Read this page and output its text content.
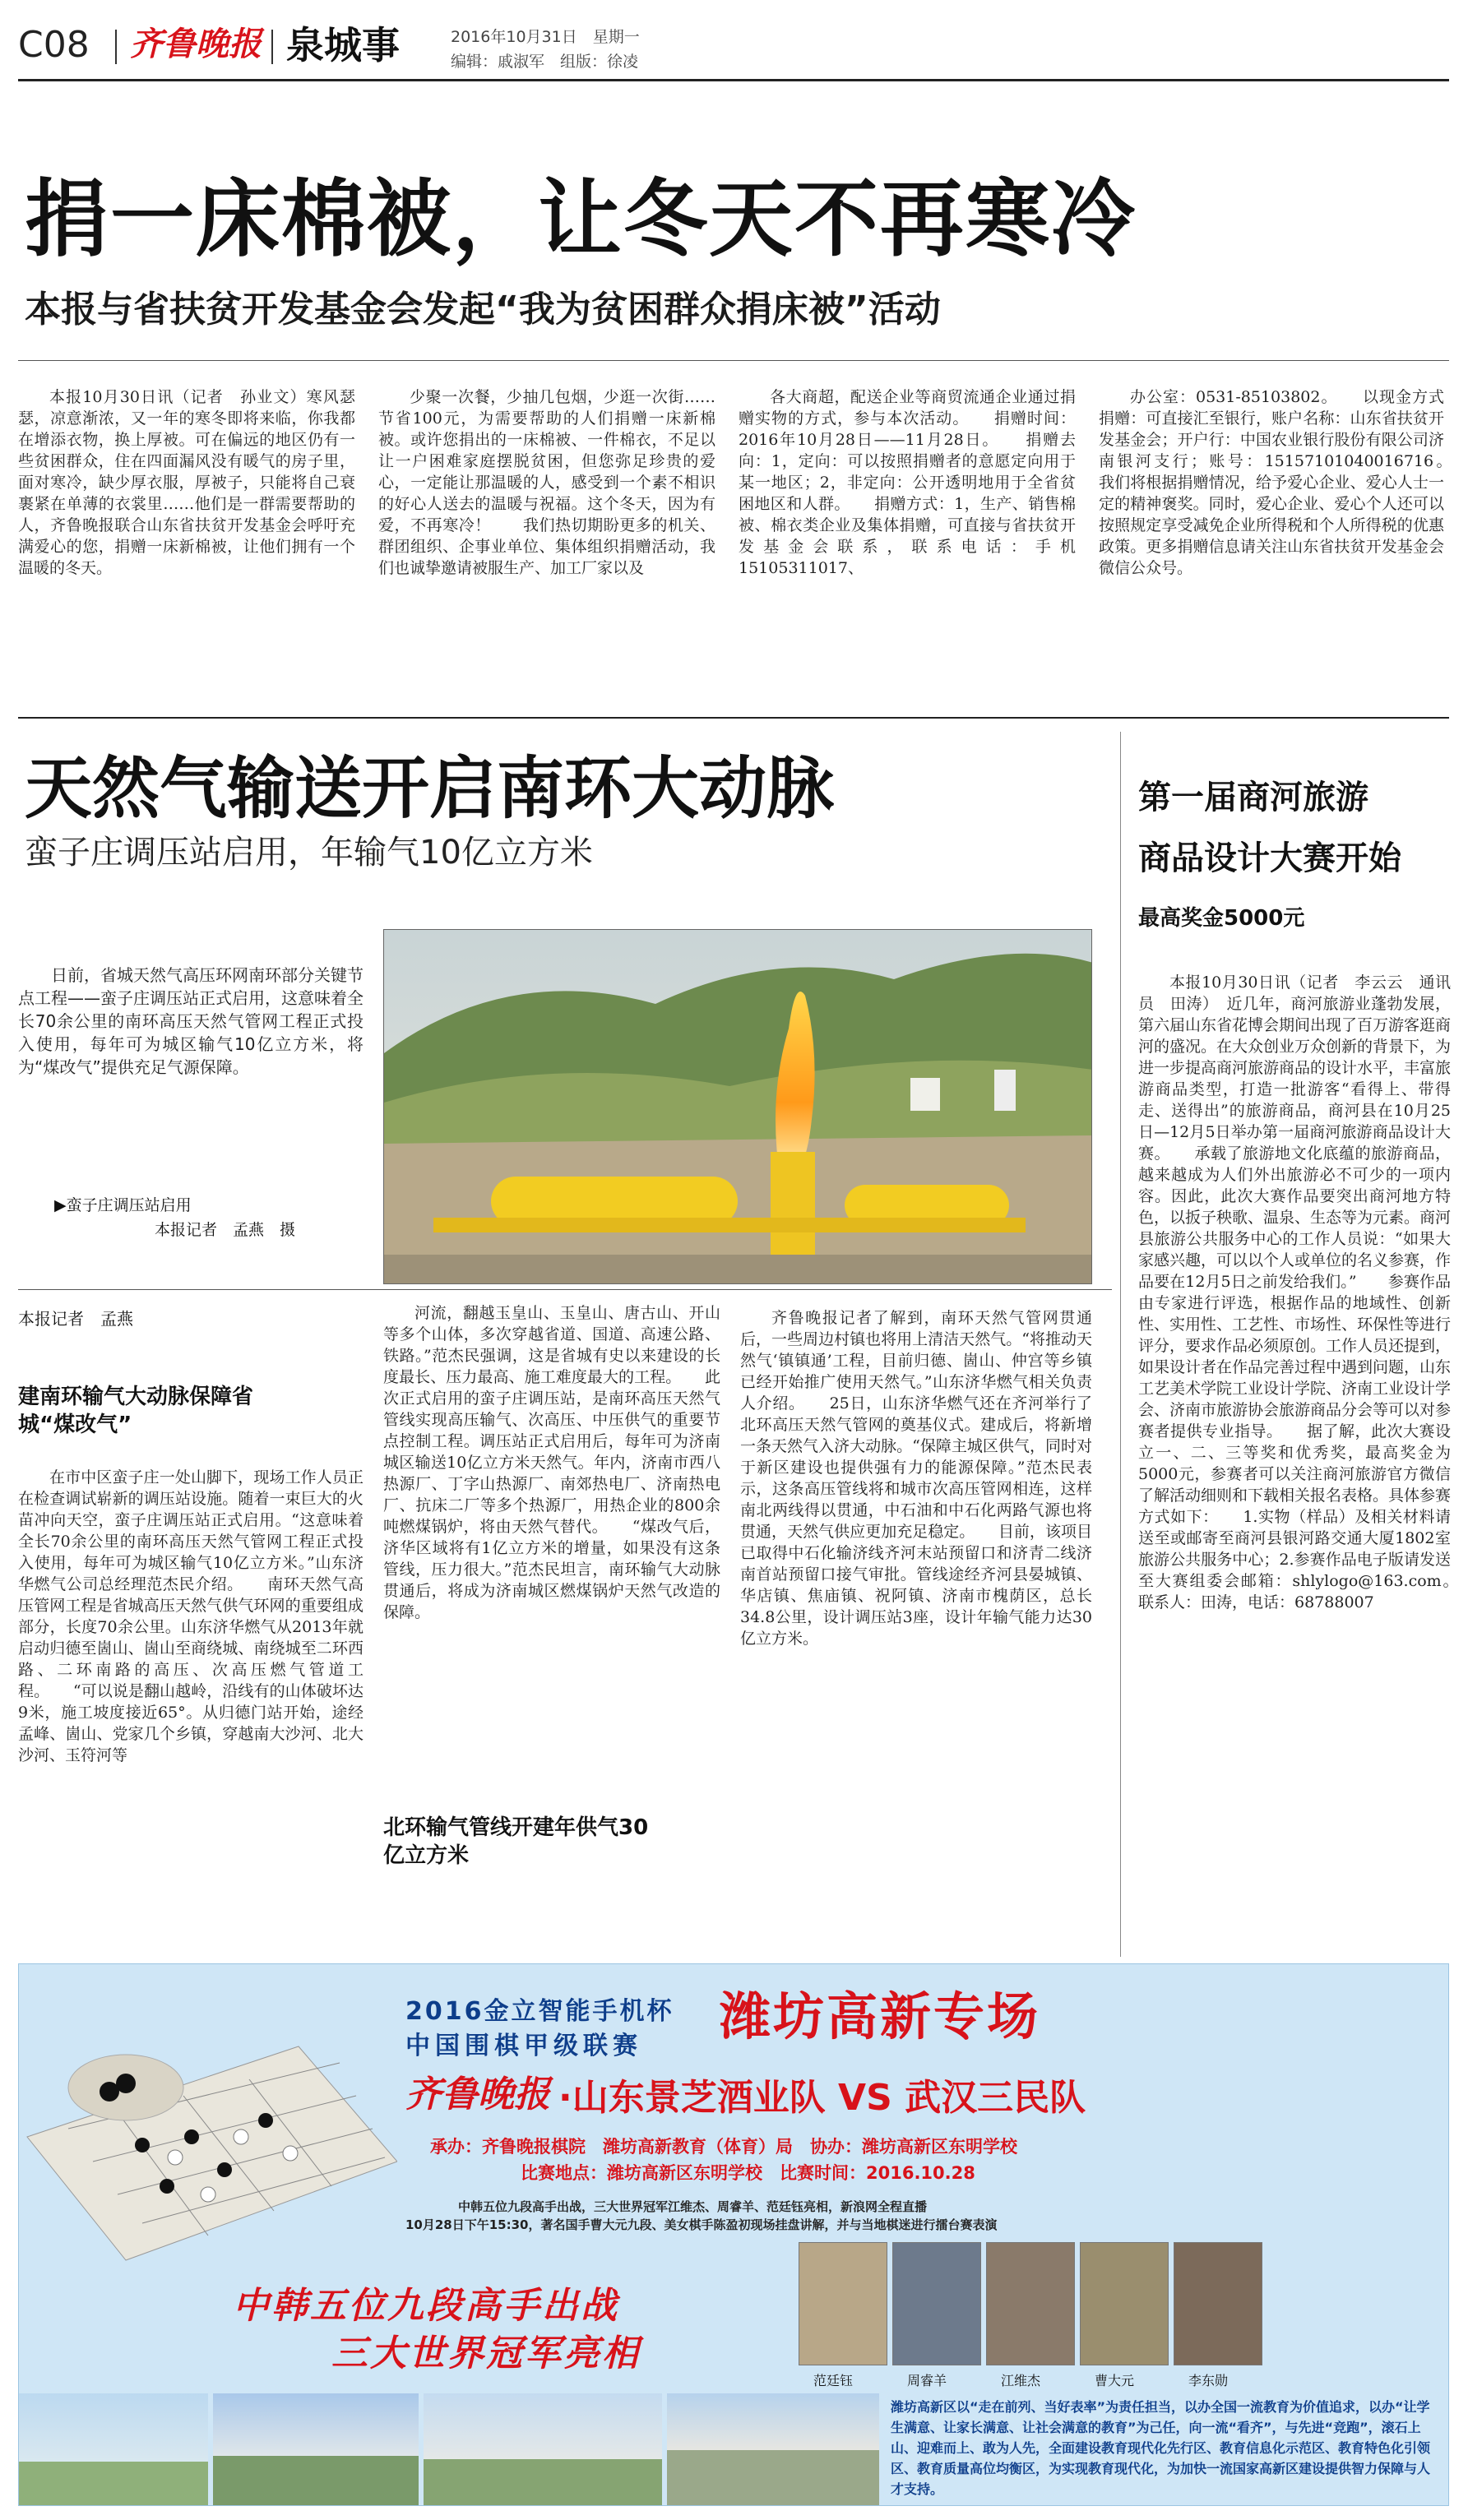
C08 齐鲁晚报 泉城事	2016年10月31日　星期一
编辑：戚淑军　组版：徐凌
捐一床棉被，让冬天不再寒冷
本报与省扶贫开发基金会发起“我为贫困群众捐床被”活动

本报10月30日讯（记者　孙业文）寒风瑟瑟，凉意渐浓，又一年的寒冬即将来临，你我都在增添衣物，换上厚被。可在偏远的地区仍有一些贫困群众，住在四面漏风没有暖气的房子里，面对寒冷，缺少厚衣服，厚被子，只能将自己衰裹紧在单薄的衣裳里……他们是一群需要帮助的人，齐鲁晚报联合山东省扶贫开发基金会呼吁充满爱心的您，捐赠一床新棉被，让他们拥有一个温暖的冬天。

少聚一次餐，少抽几包烟，少逛一次街……节省100元，为需要帮助的人们捐赠一床新棉被。或许您捐出的一床棉被、一件棉衣，不足以让一户困难家庭摆脱贫困，但您弥足珍贵的爱心，一定能让那温暖的人，感受到一个素不相识的好心人送去的温暖与祝福。这个冬天，因为有爱，不再寒冷！　　我们热切期盼更多的机关、群团组织、企事业单位、集体组织捐赠活动，我们也诚挚邀请被服生产、加工厂家以及

各大商超，配送企业等商贸流通企业通过捐赠实物的方式，参与本次活动。　　捐赠时间：2016年10月28日——11月28日。　　捐赠去向：1，定向：可以按照捐赠者的意愿定向用于某一地区；2，非定向：公开透明地用于全省贫困地区和人群。　　捐赠方式：1，生产、销售棉被、棉衣类企业及集体捐赠，可直接与省扶贫开发基金会联系，联系电话：手机15105311017、

办公室：0531-85103802。　　以现金方式捐赠：可直接汇至银行，账户名称：山东省扶贫开发基金会；开户行：中国农业银行股份有限公司济南银河支行；账号：15157101040016716。　　我们将根据捐赠情况，给予爱心企业、爱心人士一定的精神褒奖。同时，爱心企业、爱心个人还可以按照规定享受减免企业所得税和个人所得税的优惠政策。更多捐赠信息请关注山东省扶贫开发基金会微信公众号。

天然气输送开启南环大动脉
蛮子庄调压站启用，年输气10亿立方米

日前，省城天然气高压环网南环部分关键节点工程——蛮子庄调压站正式启用，这意味着全长70余公里的南环高压天然气管网工程正式投入使用，每年可为城区输气10亿立方米，将为“煤改气”提供充足气源保障。

▶蛮子庄调压站启用
本报记者　孟燕　摄
本报记者　孟燕
建南环输气大动脉保障省城“煤改气”

在市中区蛮子庄一处山脚下，现场工作人员正在检查调试崭新的调压站设施。随着一束巨大的火苗冲向天空，蛮子庄调压站正式启用。“这意味着全长70余公里的南环高压天然气管网工程正式投入使用，每年可为城区输气10亿立方米。”山东济华燃气公司总经理范杰民介绍。　　南环天然气高压管网工程是省城高压天然气供气环网的重要组成部分，长度70余公里。山东济华燃气从2013年就启动归德至崮山、崮山至商绕城、南绕城至二环西路、二环南路的高压、次高压燃气管道工程。　　“可以说是翻山越岭，沿线有的山体破坏达9米，施工坡度接近65°。从归德门站开始，途经孟峰、崮山、党家几个乡镇，穿越南大沙河、北大沙河、玉符河等

河流，翻越玉皇山、玉皇山、唐古山、开山等多个山体，多次穿越省道、国道、高速公路、铁路。”范杰民强调，这是省城有史以来建设的长度最长、压力最高、施工难度最大的工程。　　此次正式启用的蛮子庄调压站，是南环高压天然气管线实现高压输气、次高压、中压供气的重要节点控制工程。调压站正式启用后，每年可为济南城区输送10亿立方米天然气。年内，济南市西八热源厂、丁字山热源厂、南郊热电厂、济南热电厂、抗床二厂等多个热源厂，用热企业的800余吨燃煤锅炉，将由天然气替代。　　“煤改气后，济华区域将有1亿立方米的增量，如果没有这条管线，压力很大。”范杰民坦言，南环输气大动脉贯通后，将成为济南城区燃煤锅炉天然气改造的保障。

北环输气管线开建年供气30亿立方米

齐鲁晚报记者了解到，南环天然气管网贯通后，一些周边村镇也将用上清洁天然气。“将推动天然气‘镇镇通’工程，目前归德、崮山、仲宫等乡镇已经开始推广使用天然气。”山东济华燃气相关负责人介绍。　　25日，山东济华燃气还在齐河举行了北环高压天然气管网的奠基仪式。建成后，将新增一条天然气入济大动脉。“保障主城区供气，同时对于新区建设也提供强有力的能源保障。”范杰民表示，这条高压管线将和城市次高压管网相连，这样南北两线得以贯通，中石油和中石化两路气源也将贯通，天然气供应更加充足稳定。　　目前，该项目已取得中石化输济线齐河末站预留口和济青二线济南首站预留口接气审批。管线途经齐河县晏城镇、华店镇、焦庙镇、祝阿镇、济南市槐荫区，总长34.8公里，设计调压站3座，设计年输气能力达30亿立方米。

第一届商河旅游
商品设计大赛开始
最高奖金5000元

本报10月30日讯（记者　李云云　通讯员　田涛）　近几年，商河旅游业蓬勃发展，第六届山东省花博会期间出现了百万游客逛商河的盛况。在大众创业万众创新的背景下，为进一步提高商河旅游商品的设计水平，丰富旅游商品类型，打造一批游客“看得上、带得走、送得出”的旅游商品，商河县在10月25日—12月5日举办第一届商河旅游商品设计大赛。　　承载了旅游地文化底蕴的旅游商品，越来越成为人们外出旅游必不可少的一项内容。因此，此次大赛作品要突出商河地方特色，以扳子秧歌、温泉、生态等为元素。商河县旅游公共服务中心的工作人员说：“如果大家感兴趣，可以以个人或单位的名义参赛，作品要在12月5日之前发给我们。”　　参赛作品由专家进行评选，根据作品的地域性、创新性、实用性、工艺性、市场性、环保性等进行评分，要求作品必须原创。工作人员还提到，如果设计者在作品完善过程中遇到问题，山东工艺美术学院工业设计学院、济南工业设计学会、济南市旅游协会旅游商品分会等可以对参赛者提供专业指导。　　据了解，此次大赛设立一、二、三等奖和优秀奖，最高奖金为5000元，参赛者可以关注商河旅游官方微信了解活动细则和下载相关报名表格。具体参赛方式如下：　　1.实物（样品）及相关材料请送至或邮寄至商河县银河路交通大厦1802室旅游公共服务中心；2.参赛作品电子版请发送至大赛组委会邮箱：shlylogo@163.com。　　联系人：田涛，电话：68788007

2016金立智能手机杯
中国围棋甲级联赛 潍坊高新专场
齐鲁晚报 ·山东景芝酒业队 VS 武汉三民队
承办：齐鲁晚报棋院　潍坊高新教育（体育）局　协办：潍坊高新区东明学校
比赛地点：潍坊高新区东明学校　比赛时间：2016.10.28
中韩五位九段高手出战，三大世界冠军江维杰、周睿羊、范廷钰亮相，新浪网全程直播
10月28日下午15:30，著名国手曹大元九段、美女棋手陈盈初现场挂盘讲解，并与当地棋迷进行擂台赛表演
中韩五位九段高手出战
三大世界冠军亮相
范廷钰	周睿羊	江维杰	曹大元	李东勋
潍坊高新区以“走在前列、当好表率”为责任担当，以办全国一流教育为价值追求，以办“让学生满意、让家长满意、让社会满意的教育”为己任，向一流“看齐”，与先进“竞跑”，滚石上山、迎难而上、敢为人先，全面建设教育现代化先行区、教育信息化示范区、教育特色化引领区、教育质量高位均衡区，为实现教育现代化，为加快一流国家高新区建设提供智力保障与人才支持。
